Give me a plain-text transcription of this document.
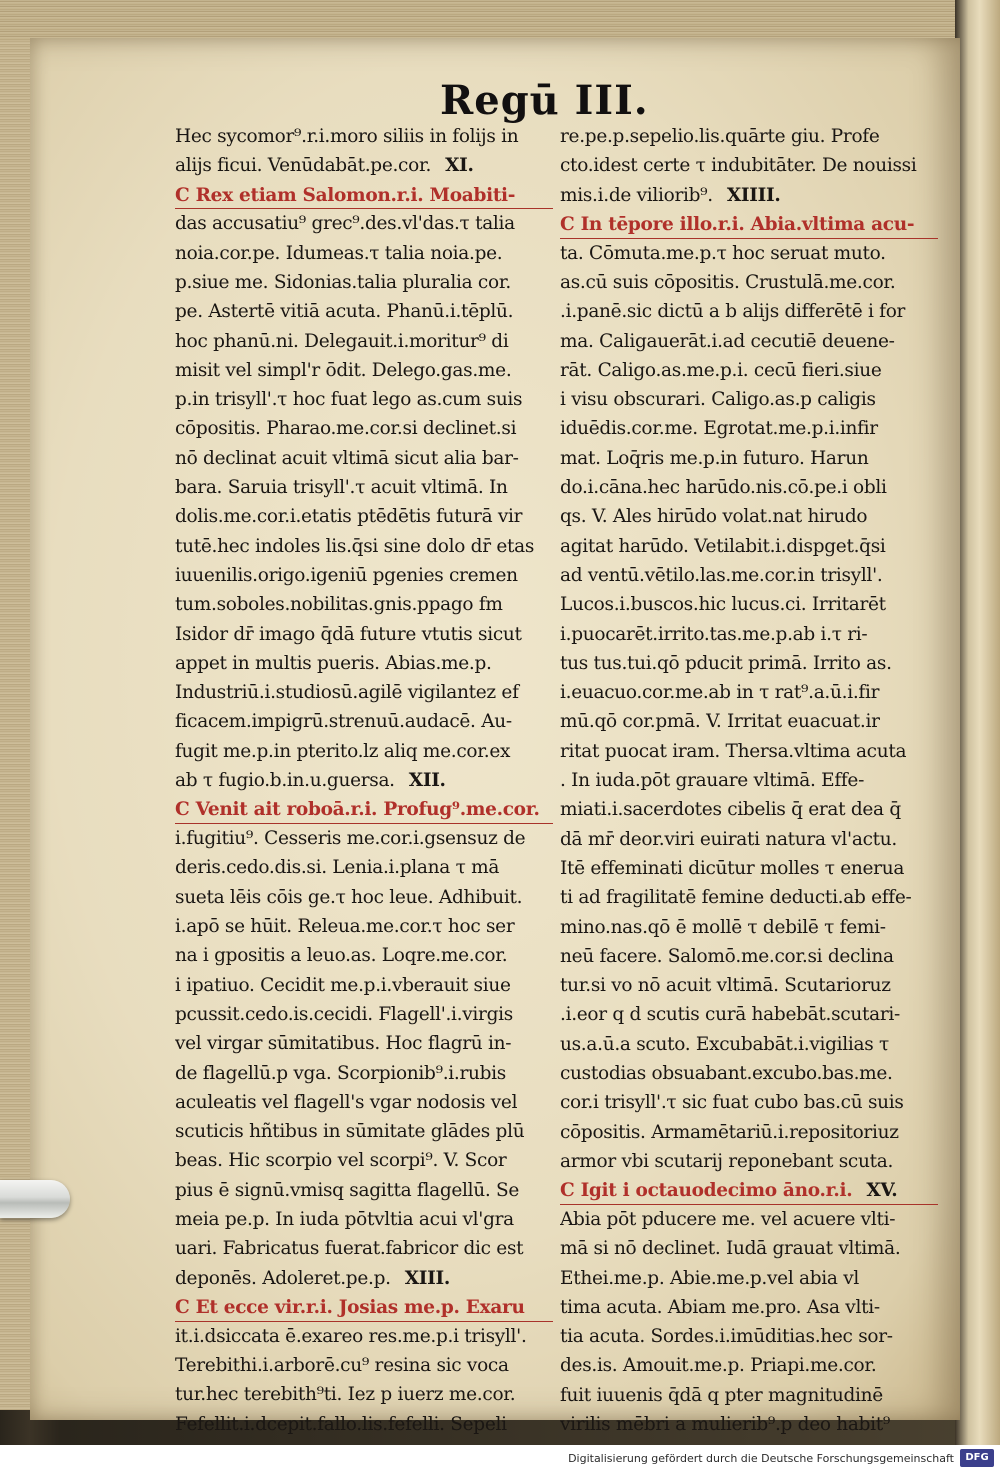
Regū III.
Hec sycomor⁹.r.i.moro siliis in folijs in
alijs ficui. Venūdabāt.pe.cor. XI.
C Rex etiam Salomon.r.i. Moabiti-
das accusatiu⁹ grec⁹.des.vl'das.τ talia
noia.cor.pe. Idumeas.τ talia noia.pe.
p.siue me. Sidonias.talia pluralia cor.
pe. Astertē vitiā acuta. Phanū.i.tēplū.
hoc phanū.ni. Delegauit.i.moritur⁹ di
misit vel simpl'r ōdit. Delego.gas.me.
p.in trisyll'.τ hoc fuat lego as.cum suis
cōpositis. Pharao.me.cor.si declinet.si
nō declinat acuit vltimā sicut alia bar-
bara. Saruia trisyll'.τ acuit vltimā. In
dolis.me.cor.i.etatis ptēdētis futurā vir
tutē.hec indoles lis.q̄si sine dolo dr̄ etas
iuuenilis.origo.igeniū pgenies cremen
tum.soboles.nobilitas.gnis.ppago fm
Isidor dr̄ imago q̄dā future vtutis sicut
appet in multis pueris. Abias.me.p.
Industriū.i.studiosū.agilē vigilantez ef
ficacem.impigrū.strenuū.audacē. Au-
fugit me.p.in pterito.lz aliq me.cor.ex
ab τ fugio.b.in.u.guersa. XII.
C Venit ait roboā.r.i. Profug⁹.me.cor.
i.fugitiu⁹. Cesseris me.cor.i.gsensuz de
deris.cedo.dis.si. Lenia.i.plana τ mā
sueta lēis cōis ge.τ hoc leue. Adhibuit.
i.apō se hūit. Releua.me.cor.τ hoc ser
na i gpositis a leuo.as. Loqre.me.cor.
i ipatiuo. Cecidit me.p.i.vberauit siue
pcussit.cedo.is.cecidi. Flagell'.i.virgis
vel virgar sūmitatibus. Hoc flagrū in-
de flagellū.p vga. Scorpionib⁹.i.rubis
aculeatis vel flagell's vgar nodosis vel
scuticis hñtibus in sūmitate glādes plū
beas. Hic scorpio vel scorpi⁹. V. Scor
pius ē signū.vmisq sagitta flagellū. Se
meia pe.p. In iuda pōtvltia acui vl'gra
uari. Fabricatus fuerat.fabricor dic est
deponēs. Adoleret.pe.p. XIII.
C Et ecce vir.r.i. Josias me.p. Exaru
it.i.dsiccata ē.exareo res.me.p.i trisyll'.
Terebithi.i.arborē.cu⁹ resina sic voca
tur.hec terebith⁹ti. Iez p iuerz me.cor.
Fefellit.i.dcepit.fallo.lis.fefelli. Sepeli
re.pe.p.sepelio.lis.quārte giu. Profe
cto.idest certe τ indubitāter. De nouissi
mis.i.de viliorib⁹. XIIII.
C In tēpore illo.r.i. Abia.vltima acu-
ta. Cōmuta.me.p.τ hoc seruat muto.
as.cū suis cōpositis. Crustulā.me.cor.
.i.panē.sic dictū a b alijs differētē i for
ma. Caligauerāt.i.ad cecutiē deuene-
rāt. Caligo.as.me.p.i. cecū fieri.siue
i visu obscurari. Caligo.as.p caligis
iduēdis.cor.me. Egrotat.me.p.i.infir
mat. Loq̄ris me.p.in futuro. Harun
do.i.cāna.hec harūdo.nis.cō.pe.i obli
qs. V. Ales hirūdo volat.nat hirudo
agitat harūdo. Vetilabit.i.dispget.q̄si
ad ventū.vētilo.las.me.cor.in trisyll'.
Lucos.i.buscos.hic lucus.ci. Irritarēt
i.puocarēt.irrito.tas.me.p.ab i.τ ri-
tus tus.tui.qō pducit primā. Irrito as.
i.euacuo.cor.me.ab in τ rat⁹.a.ū.i.fir
mū.qō cor.pmā. V. Irritat euacuat.ir
ritat puocat iram. Thersa.vltima acuta
. In iuda.pōt grauare vltimā. Effe-
miati.i.sacerdotes cibelis q̄ erat dea q̄
dā mr̄ deor.viri euirati natura vl'actu.
Itē effeminati dicūtur molles τ enerua
ti ad fragilitatē femine deducti.ab effe-
mino.nas.qō ē mollē τ debilē τ femi-
neū facere. Salomō.me.cor.si declina
tur.si vo nō acuit vltimā. Scutarioruz
.i.eor q d scutis curā habebāt.scutari-
us.a.ū.a scuto. Excubabāt.i.vigilias τ
custodias obsuabant.excubo.bas.me.
cor.i trisyll'.τ sic fuat cubo bas.cū suis
cōpositis. Armamētariū.i.repositoriuz
armor vbi scutarij reponebant scuta.
C Igit i octauodecimo āno.r.i. XV.
Abia pōt pducere me. vel acuere vlti-
mā si nō declinet. Iudā grauat vltimā.
Ethei.me.p. Abie.me.p.vel abia vl
tima acuta. Abiam me.pro. Asa vlti-
tia acuta. Sordes.i.imūditias.hec sor-
des.is. Amouit.me.p. Priapi.me.cor.
fuit iuuenis q̄dā q pter magnitudinē
virilis mēbri a mulierib⁹.p deo habit⁹
Digitalisierung gefördert durch die Deutsche Forschungsgemeinschaft	DFG
